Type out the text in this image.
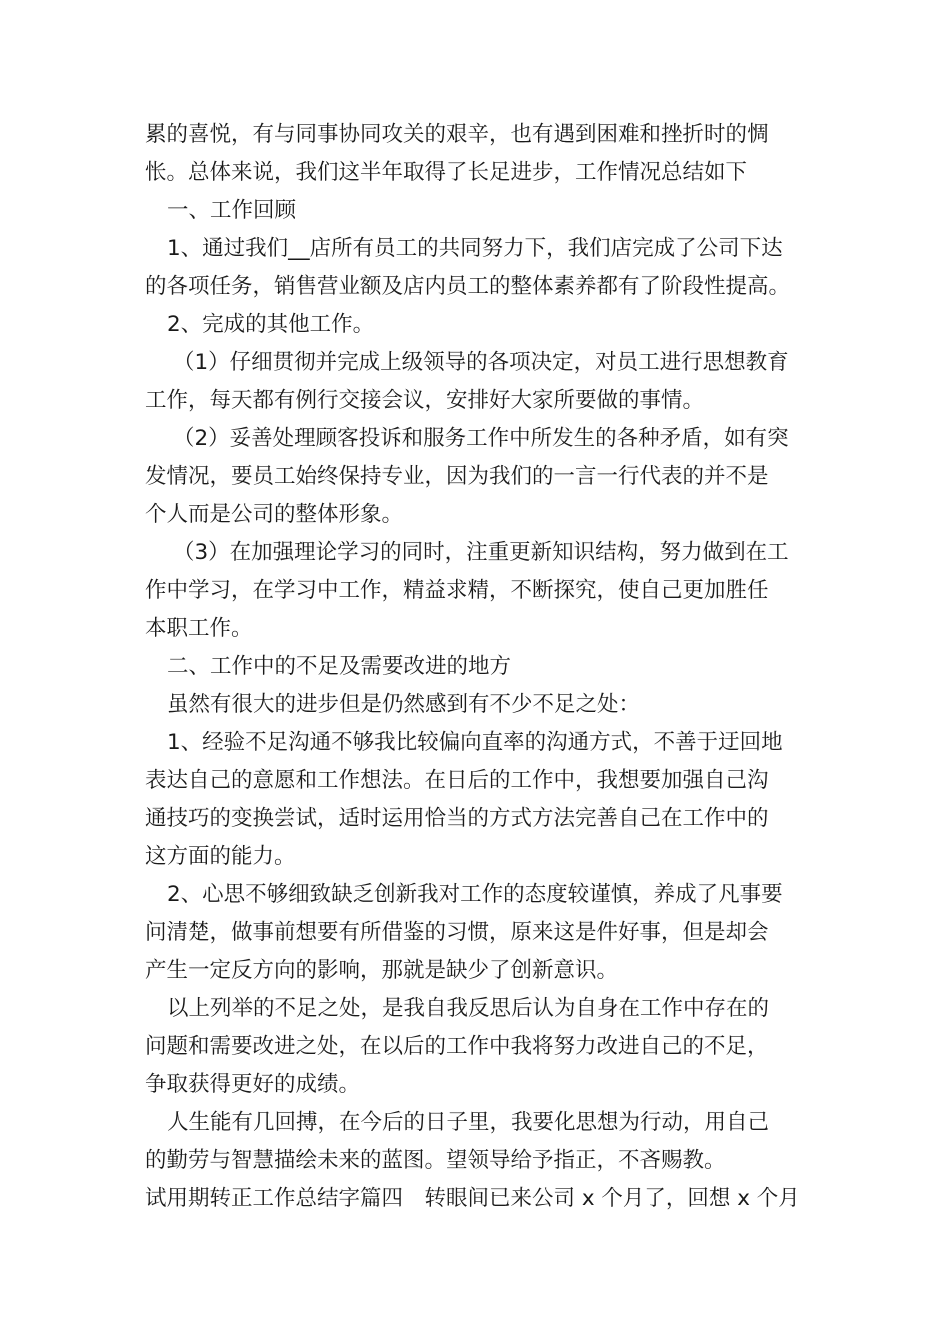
累的喜悦，有与同事协同攻关的艰辛，也有遇到困难和挫折时的惆
怅。总体来说，我们这半年取得了长足进步，工作情况总结如下
一、工作回顾
1、通过我们__店所有员工的共同努力下，我们店完成了公司下达
的各项任务，销售营业额及店内员工的整体素养都有了阶段性提高。
2、完成的其他工作。
（1）仔细贯彻并完成上级领导的各项决定，对员工进行思想教育
工作，每天都有例行交接会议，安排好大家所要做的事情。
（2）妥善处理顾客投诉和服务工作中所发生的各种矛盾，如有突
发情况，要员工始终保持专业，因为我们的一言一行代表的并不是
个人而是公司的整体形象。
（3）在加强理论学习的同时，注重更新知识结构，努力做到在工
作中学习，在学习中工作，精益求精，不断探究，使自己更加胜任
本职工作。
二、工作中的不足及需要改进的地方
虽然有很大的进步但是仍然感到有不少不足之处：
1、经验不足沟通不够我比较偏向直率的沟通方式，不善于迂回地
表达自己的意愿和工作想法。在日后的工作中，我想要加强自己沟
通技巧的变换尝试，适时运用恰当的方式方法完善自己在工作中的
这方面的能力。
2、心思不够细致缺乏创新我对工作的态度较谨慎，养成了凡事要
问清楚，做事前想要有所借鉴的习惯，原来这是件好事，但是却会
产生一定反方向的影响，那就是缺少了创新意识。
以上列举的不足之处，是我自我反思后认为自身在工作中存在的
问题和需要改进之处，在以后的工作中我将努力改进自己的不足，
争取获得更好的成绩。
人生能有几回搏，在今后的日子里，我要化思想为行动，用自己
的勤劳与智慧描绘未来的蓝图。望领导给予指正，不吝赐教。
试用期转正工作总结字篇四　转眼间已来公司 x 个月了，回想 x 个月
